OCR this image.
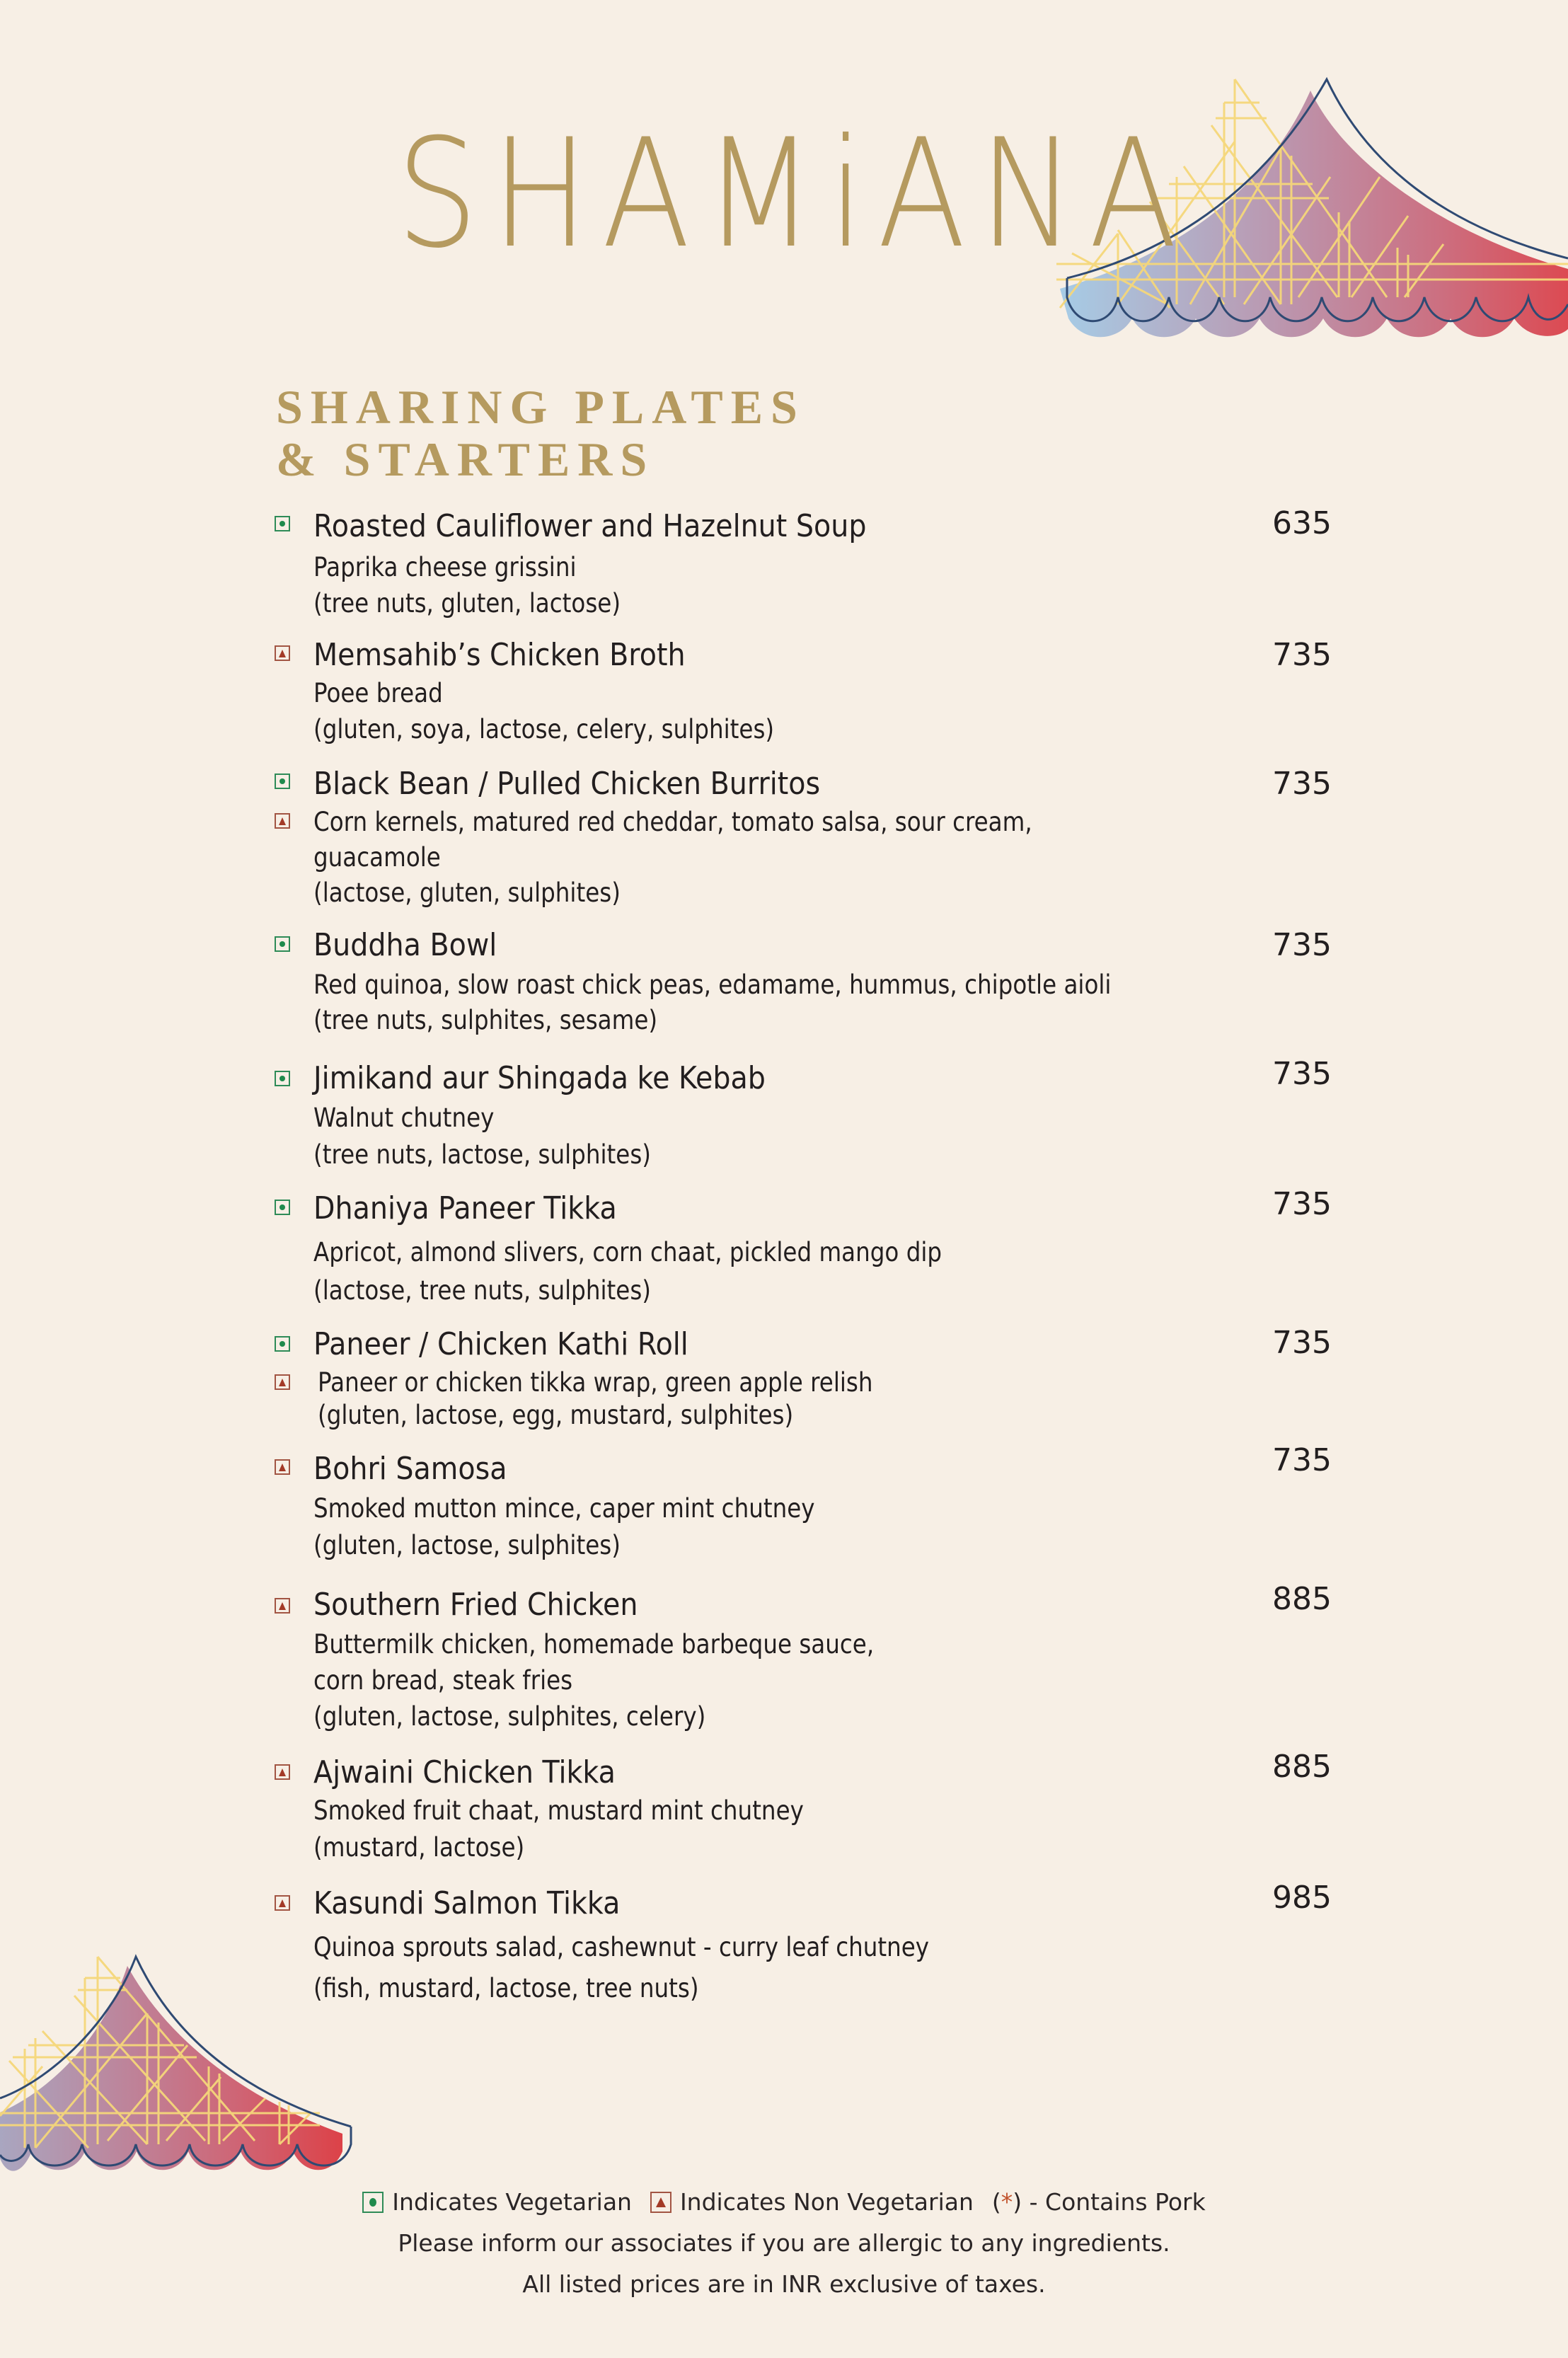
SHAMiANA
SHARING PLATES
& STARTERS
Roasted Cauliflower and Hazelnut Soup	635
Paprika cheese grissini
(tree nuts, gluten, lactose)
Memsahib’s Chicken Broth	735
Poee bread
(gluten, soya, lactose, celery, sulphites)
Black Bean / Pulled Chicken Burritos	735
Corn kernels, matured red cheddar, tomato salsa, sour cream,
guacamole
(lactose, gluten, sulphites)
Buddha Bowl	735
Red quinoa, slow roast chick peas, edamame, hummus, chipotle aioli
(tree nuts, sulphites, sesame)
Jimikand aur Shingada ke Kebab	735
Walnut chutney
(tree nuts, lactose, sulphites)
Dhaniya Paneer Tikka	735
Apricot, almond slivers, corn chaat, pickled mango dip
(lactose, tree nuts, sulphites)
Paneer / Chicken Kathi Roll	735
Paneer or chicken tikka wrap, green apple relish
(gluten, lactose, egg, mustard, sulphites)
Bohri Samosa	735
Smoked mutton mince, caper mint chutney
(gluten, lactose, sulphites)
Southern Fried Chicken	885
Buttermilk chicken, homemade barbeque sauce,
corn bread, steak fries
(gluten, lactose, sulphites, celery)
Ajwaini Chicken Tikka	885
Smoked fruit chaat, mustard mint chutney
(mustard, lactose)
Kasundi Salmon Tikka	985
Quinoa sprouts salad, cashewnut - curry leaf chutney
(fish, mustard, lactose, tree nuts)
Indicates Vegetarian Indicates Non Vegetarian (*) - Contains Pork
Please inform our associates if you are allergic to any ingredients.
All listed prices are in INR exclusive of taxes.
